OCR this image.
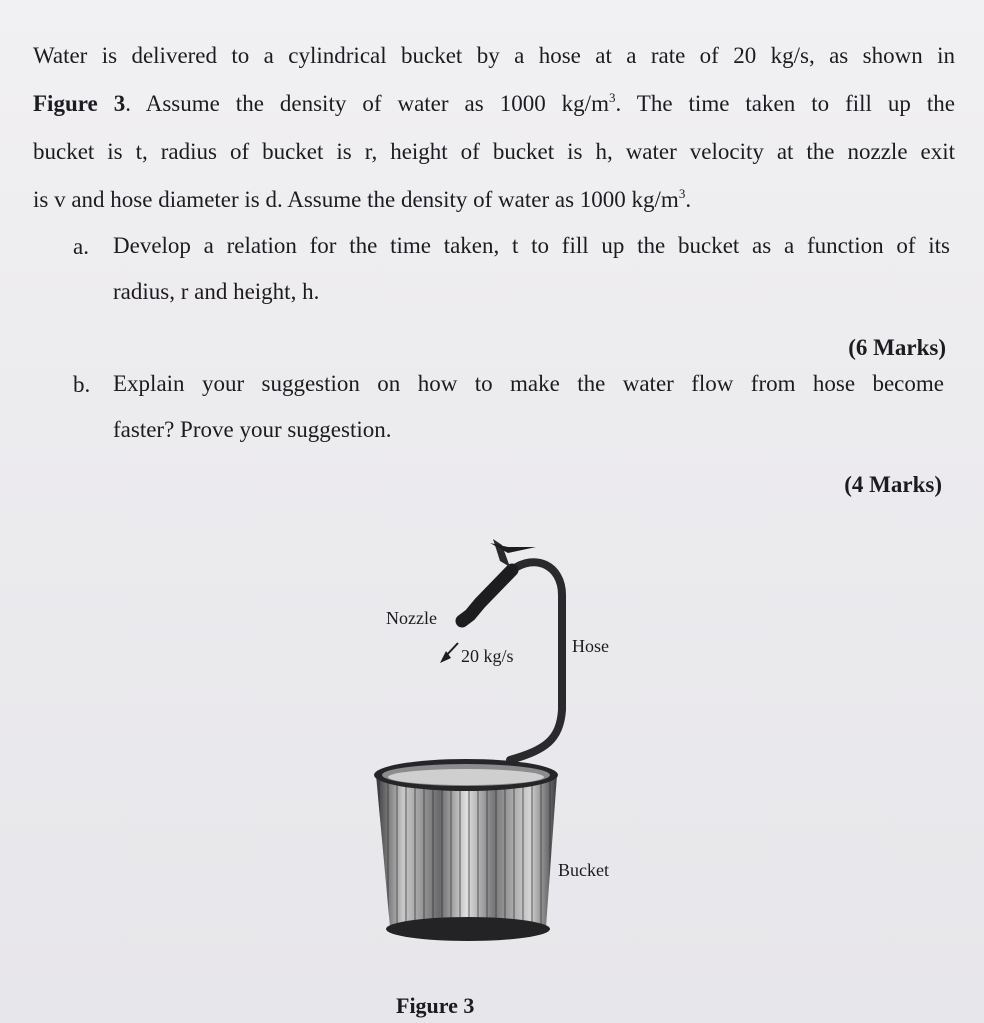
Water is delivered to a cylindrical bucket by a hose at a rate of 20 kg/s, as shown in
Figure 3. Assume the density of water as 1000 $kg/m^3$. The time taken to fill up the
bucket is t, radius of bucket is r, height of bucket is h, water velocity at the nozzle exit
is v and hose diameter is d. Assume the density of water as 1000 $kg/m^3$.
a. Develop a relation for the time taken, t to fill up the bucket as a function of its
radius, r and height, h.
(6 Marks)
b. Explain your suggestion on how to make the water flow from hose become
faster? Prove your suggestion.
(4 Marks)
Nozzle
20 kg/s	Hose
Bucket
Figure 3
